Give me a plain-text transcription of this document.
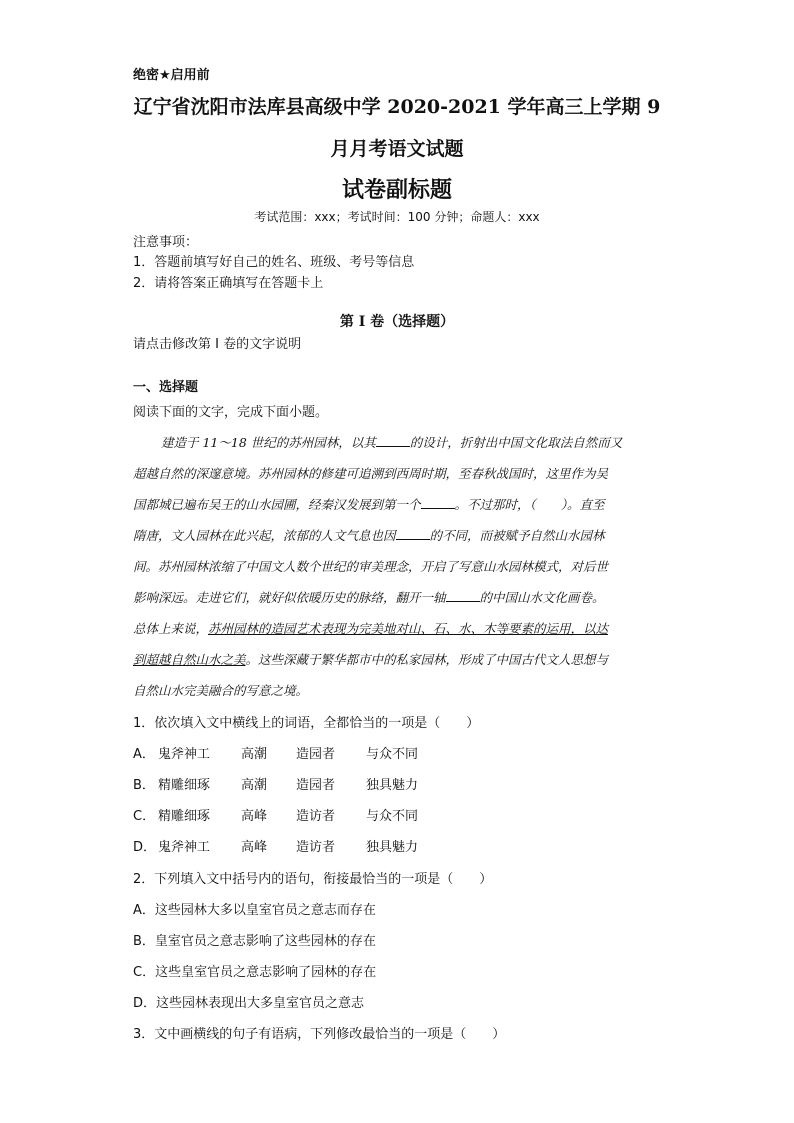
绝密★启用前
辽宁省沈阳市法库县高级中学 2020-2021 学年高三上学期 9
月月考语文试题
试卷副标题
考试范围：xxx；考试时间：100 分钟；命题人：xxx
注意事项：
1．答题前填写好自己的姓名、班级、考号等信息
2．请将答案正确填写在答题卡上
第 I 卷（选择题）
请点击修改第 I 卷的文字说明
一、选择题
阅读下面的文字，完成下面小题。
建造于 11～18 世纪的苏州园林，以其	的设计，折射出中国文化取法自然而又
超越自然的深邃意境。苏州园林的修建可追溯到西周时期，至春秋战国时，这里作为吴
国都城已遍布吴王的山水园圃，经秦汉发展到第一个	。不过那时，（　　）。直至
隋唐，文人园林在此兴起，浓郁的人文气息也因	的不同，而被赋予自然山水园林
间。苏州园林浓缩了中国文人数个世纪的审美理念，开启了写意山水园林模式，对后世
影响深远。走进它们，就好似依暖历史的脉络，翻开一轴	的中国山水文化画卷。
总体上来说，苏州园林的造园艺术表现为完美地对山、石、水、木等要素的运用，以达
到超越自然山水之美。这些深藏于繁华都市中的私家园林，形成了中国古代文人思想与
自然山水完美融合的写意之境。
1．依次填入文中横线上的词语，全都恰当的一项是（　　）
A． 鬼斧神工 高潮 造园者 与众不同
B． 精雕细琢 高潮 造园者 独具魅力
C． 精雕细琢 高峰 造访者 与众不同
D． 鬼斧神工 高峰 造访者 独具魅力
2．下列填入文中括号内的语句，衔接最恰当的一项是（　　）
A．这些园林大多以皇室官员之意志而存在
B．皇室官员之意志影响了这些园林的存在
C．这些皇室官员之意志影响了园林的存在
D．这些园林表现出大多皇室官员之意志
3．文中画横线的句子有语病，下列修改最恰当的一项是（　　）
